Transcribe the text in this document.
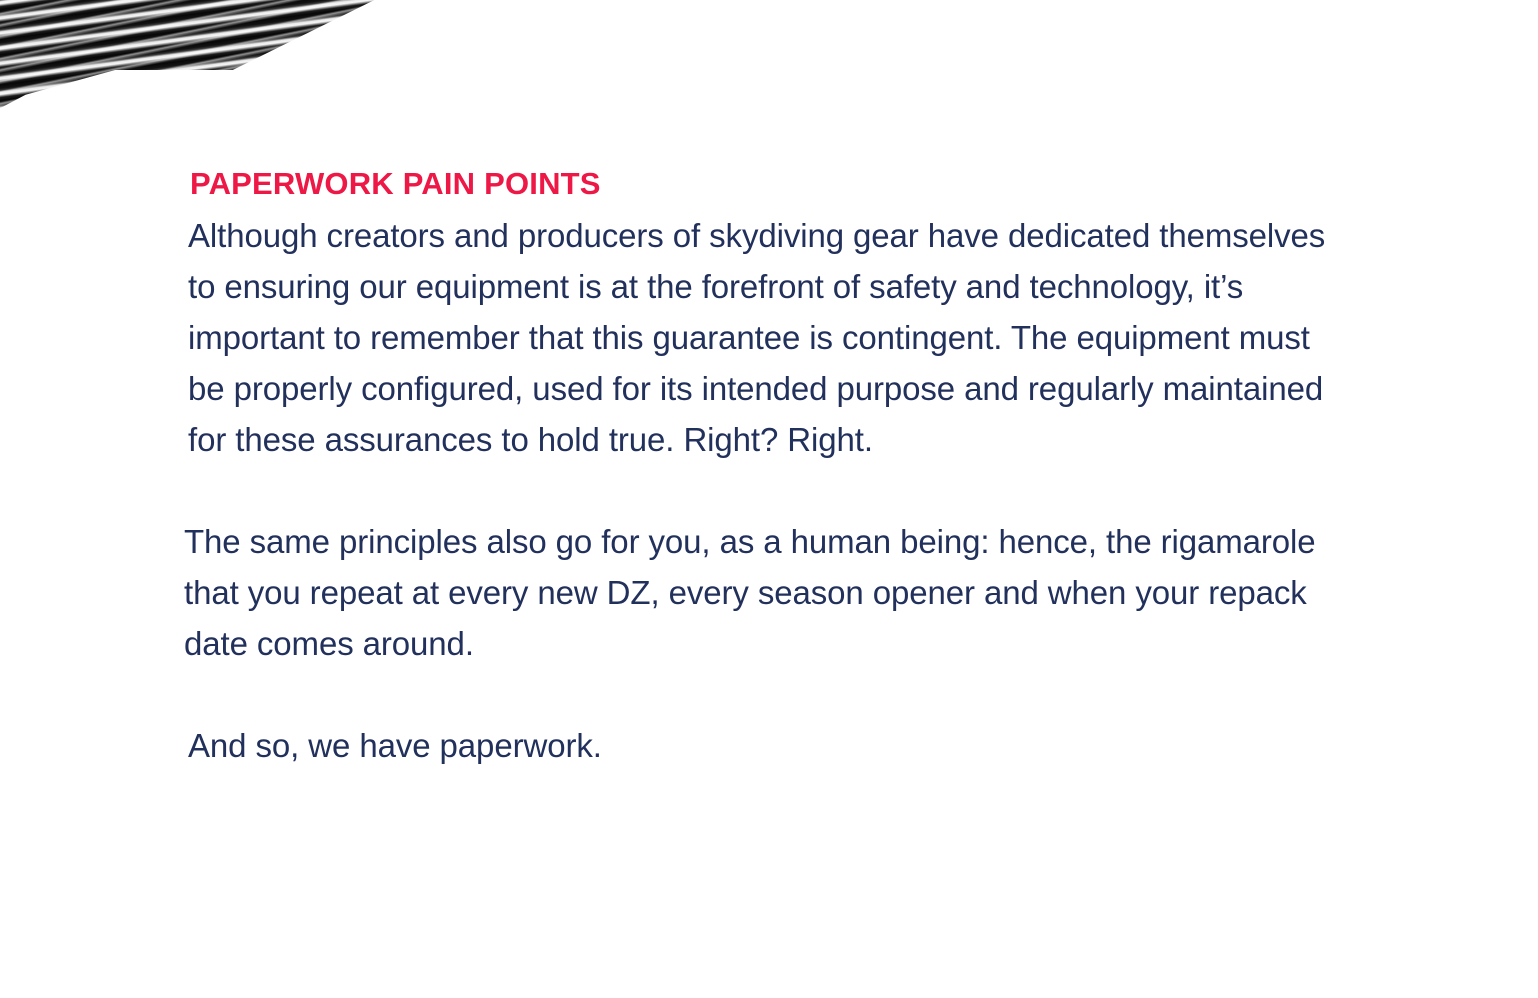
PAPERWORK PAIN POINTS

Although creators and producers of skydiving gear have dedicated themselves to ensuring our equipment is at the forefront of safety and technology, it’s important to remember that this guarantee is contingent. The equipment must be properly configured, used for its intended purpose and regularly maintained for these assurances to hold true. Right? Right.

The same principles also go for you, as a human being: hence, the rigamarole that you repeat at every new DZ, every season opener and when your repack date comes around.

And so, we have paperwork.
